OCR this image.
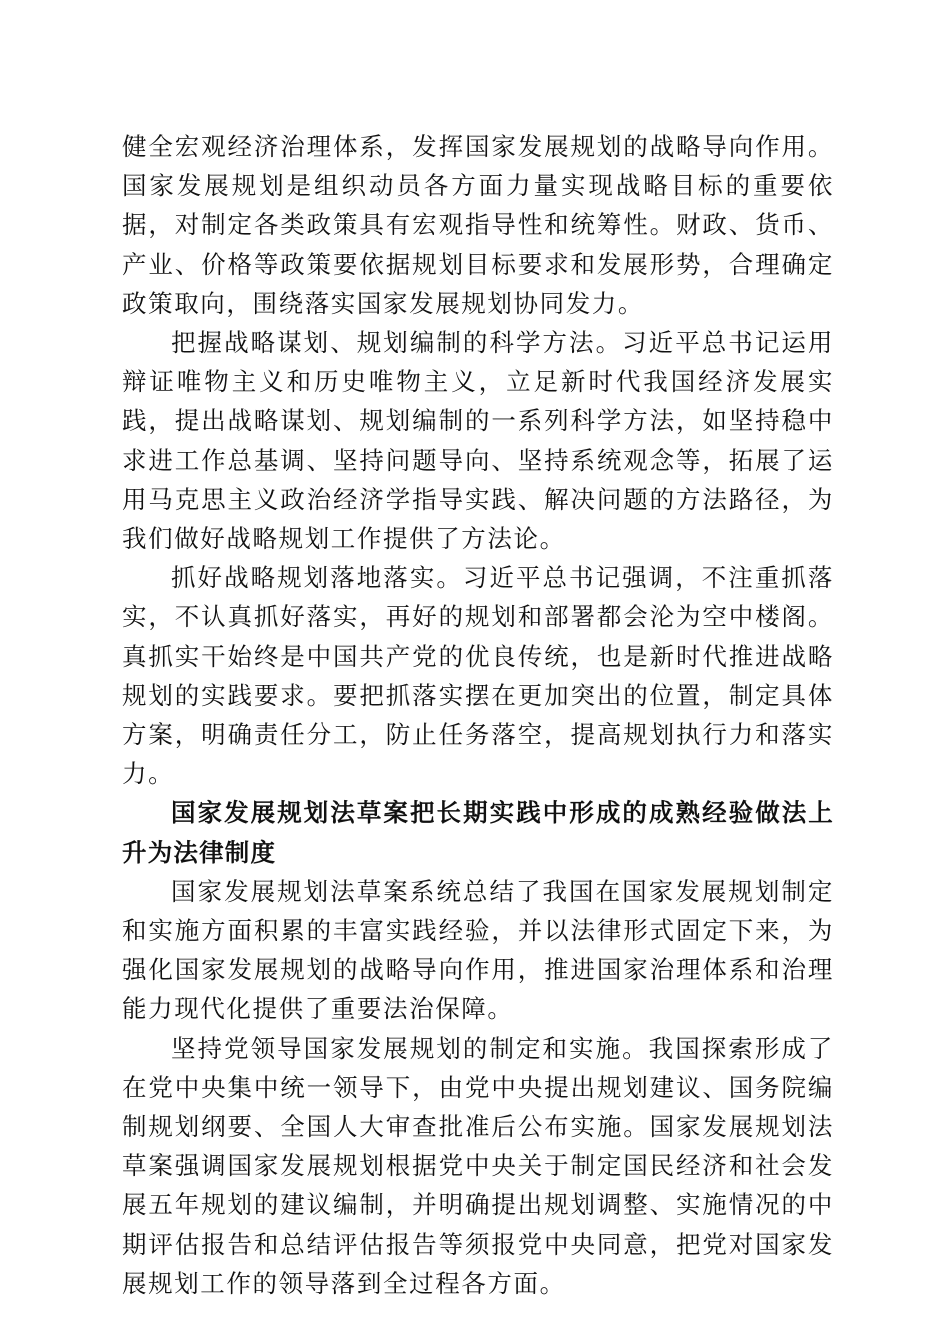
健全宏观经济治理体系，发挥国家发展规划的战略导向作用。国家发展规划是组织动员各方面力量实现战略目标的重要依据，对制定各类政策具有宏观指导性和统筹性。财政、货币、产业、价格等政策要依据规划目标要求和发展形势，合理确定政策取向，围绕落实国家发展规划协同发力。

把握战略谋划、规划编制的科学方法。习近平总书记运用辩证唯物主义和历史唯物主义，立足新时代我国经济发展实践，提出战略谋划、规划编制的一系列科学方法，如坚持稳中求进工作总基调、坚持问题导向、坚持系统观念等，拓展了运用马克思主义政治经济学指导实践、解决问题的方法路径，为我们做好战略规划工作提供了方法论。

抓好战略规划落地落实。习近平总书记强调，不注重抓落实，不认真抓好落实，再好的规划和部署都会沦为空中楼阁。真抓实干始终是中国共产党的优良传统，也是新时代推进战略规划的实践要求。要把抓落实摆在更加突出的位置，制定具体方案，明确责任分工，防止任务落空，提高规划执行力和落实力。

国家发展规划法草案把长期实践中形成的成熟经验做法上升为法律制度

国家发展规划法草案系统总结了我国在国家发展规划制定和实施方面积累的丰富实践经验，并以法律形式固定下来，为强化国家发展规划的战略导向作用，推进国家治理体系和治理能力现代化提供了重要法治保障。

坚持党领导国家发展规划的制定和实施。我国探索形成了在党中央集中统一领导下，由党中央提出规划建议、国务院编制规划纲要、全国人大审查批准后公布实施。国家发展规划法草案强调国家发展规划根据党中央关于制定国民经济和社会发展五年规划的建议编制，并明确提出规划调整、实施情况的中期评估报告和总结评估报告等须报党中央同意，把党对国家发展规划工作的领导落到全过程各方面。
